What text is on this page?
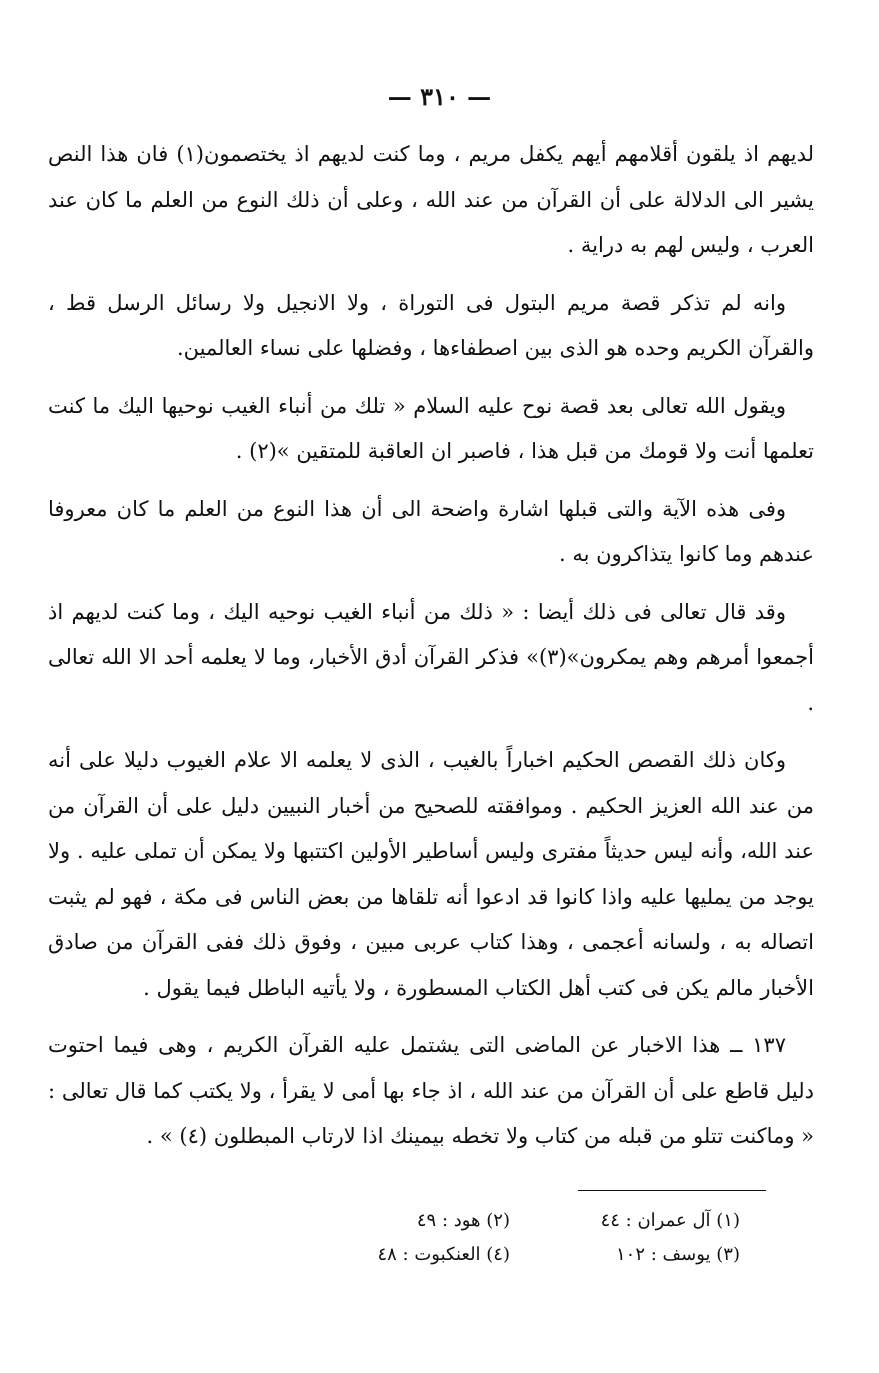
— ٣١٠ —

لديهم اذ يلقون أقلامهم أيهم يكفل مريم ، وما كنت لديهم اذ يختصمون(١) فان هذا النص يشير الى الدلالة على أن القرآن من عند الله ، وعلى أن ذلك النوع من العلم ما كان عند العرب ، وليس لهم به دراية .

وانه لم تذكر قصة مريم البتول فى التوراة ، ولا الانجيل ولا رسائل الرسل قط ، والقرآن الكريم وحده هو الذى بين اصطفاءها ، وفضلها على نساء العالمين.

ويقول الله تعالى بعد قصة نوح عليه السلام « تلك من أنباء الغيب نوحيها اليك ما كنت تعلمها أنت ولا قومك من قبل هذا ، فاصبر ان العاقبة للمتقين »(٢) .

وفى هذه الآية والتى قبلها اشارة واضحة الى أن هذا النوع من العلم ما كان معروفا عندهم وما كانوا يتذاكرون به .

وقد قال تعالى فى ذلك أيضا : « ذلك من أنباء الغيب نوحيه اليك ، وما كنت لديهم اذ أجمعوا أمرهم وهم يمكرون»(٣)» فذكر القرآن أدق الأخبار، وما لا يعلمه أحد الا الله تعالى .

وكان ذلك القصص الحكيم اخباراً بالغيب ، الذى لا يعلمه الا علام الغيوب دليلا على أنه من عند الله العزيز الحكيم . وموافقته للصحيح من أخبار النبيين دليل على أن القرآن من عند الله، وأنه ليس حديثاً مفترى وليس أساطير الأولين اكتتبها ولا يمكن أن تملى عليه . ولا يوجد من يمليها عليه واذا كانوا قد ادعوا أنه تلقاها من بعض الناس فى مكة ، فهو لم يثبت اتصاله به ، ولسانه أعجمى ، وهذا كتاب عربى مبين ، وفوق ذلك ففى القرآن من صادق الأخبار مالم يكن فى كتب أهل الكتاب المسطورة ، ولا يأتيه الباطل فيما يقول .

١٣٧ ــ هذا الاخبار عن الماضى التى يشتمل عليه القرآن الكريم ، وهى فيما احتوت دليل قاطع على أن القرآن من عند الله ، اذ جاء بها أمى لا يقرأ ، ولا يكتب كما قال تعالى : « وماكنت تتلو من قبله من كتاب ولا تخطه بيمينك اذا لارتاب المبطلون (٤) » .

(١) آل عمران : ٤٤
(٢) هود : ٤٩
(٣) يوسف : ١٠٢
(٤) العنكبوت : ٤٨
